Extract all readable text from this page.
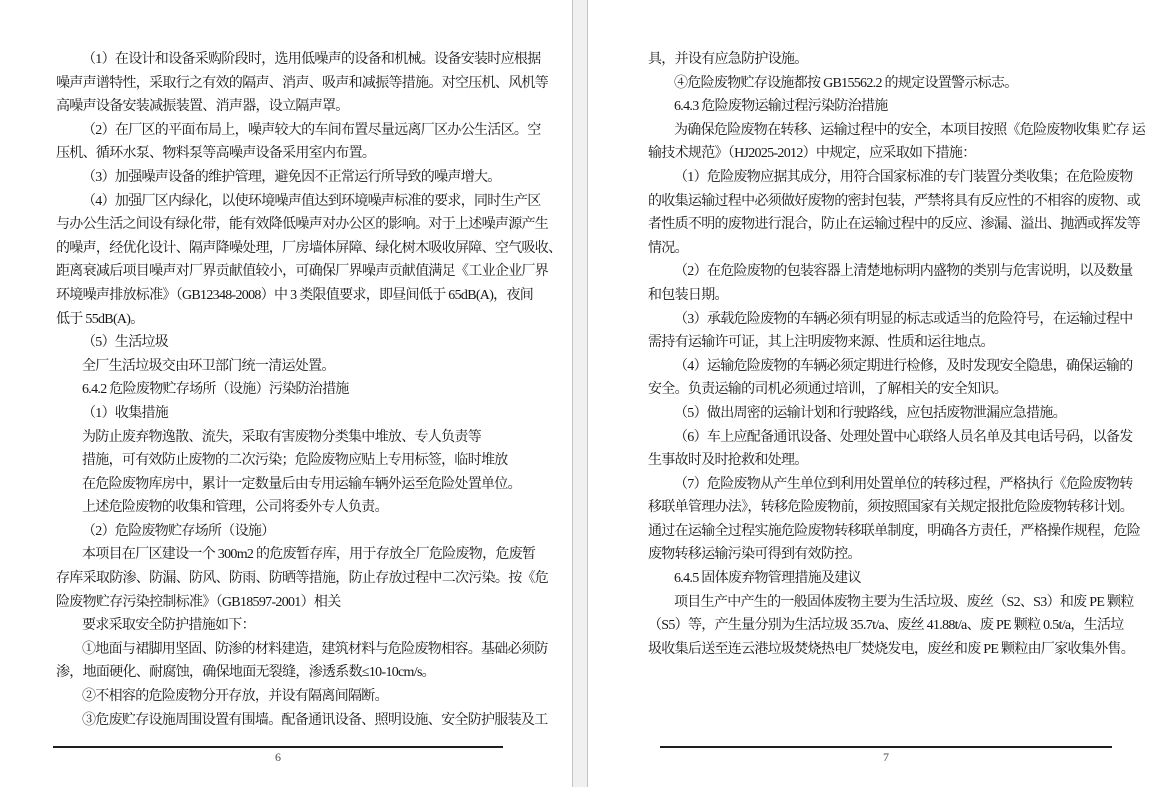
（1）在设计和设备采购阶段时，选用低噪声的设备和机械。设备安装时应根据
噪声声谱特性，采取行之有效的隔声、消声、吸声和减振等措施。对空压机、风机等
高噪声设备安装减振装置、消声器，设立隔声罩。
（2）在厂区的平面布局上，噪声较大的车间布置尽量远离厂区办公生活区。空
压机、循环水泵、物料泵等高噪声设备采用室内布置。
（3）加强噪声设备的维护管理，避免因不正常运行所导致的噪声增大。
（4）加强厂区内绿化，以使环境噪声值达到环境噪声标准的要求，同时生产区
与办公生活之间设有绿化带，能有效降低噪声对办公区的影响。对于上述噪声源产生
的噪声，经优化设计、隔声降噪处理，厂房墙体屏障、绿化树木吸收屏障、空气吸收、
距离衰减后项目噪声对厂界贡献值较小，可确保厂界噪声贡献值满足《工业企业厂界
环境噪声排放标准》（GB12348-2008）中 3 类限值要求，即昼间低于 65dB(A)，夜间
低于 55dB(A)。
（5）生活垃圾
全厂生活垃圾交由环卫部门统一清运处置。
6.4.2 危险废物贮存场所（设施）污染防治措施
（1）收集措施
为防止废弃物逸散、流失，采取有害废物分类集中堆放、专人负责等
措施，可有效防止废物的二次污染；危险废物应贴上专用标签，临时堆放
在危险废物库房中，累计一定数量后由专用运输车辆外运至危险处置单位。
上述危险废物的收集和管理，公司将委外专人负责。
（2）危险废物贮存场所（设施）
本项目在厂区建设一个 300m2 的危废暂存库，用于存放全厂危险废物，危废暂
存库采取防渗、防漏、防风、防雨、防晒等措施，防止存放过程中二次污染。按《危
险废物贮存污染控制标准》（GB18597-2001）相关
要求采取安全防护措施如下：
①地面与裙脚用坚固、防渗的材料建造，建筑材料与危险废物相容。基础必须防
渗，地面硬化、耐腐蚀，确保地面无裂缝，渗透系数≤10-10cm/s。
②不相容的危险废物分开存放，并设有隔离间隔断。
③危废贮存设施周围设置有围墙。配备通讯设备、照明设施、安全防护服装及工
6
具，并设有应急防护设施。
④危险废物贮存设施都按 GB15562.2 的规定设置警示标志。
6.4.3 危险废物运输过程污染防治措施
为确保危险废物在转移、运输过程中的安全，本项目按照《危险废物收集 贮存 运
输技术规范》（HJ2025-2012）中规定，应采取如下措施：
（1）危险废物应据其成分，用符合国家标准的专门装置分类收集；在危险废物
的收集运输过程中必须做好废物的密封包装，严禁将具有反应性的不相容的废物、或
者性质不明的废物进行混合，防止在运输过程中的反应、渗漏、溢出、抛洒或挥发等
情况。
（2）在危险废物的包装容器上清楚地标明内盛物的类别与危害说明，以及数量
和包装日期。
（3）承载危险废物的车辆必须有明显的标志或适当的危险符号，在运输过程中
需持有运输许可证，其上注明废物来源、性质和运往地点。
（4）运输危险废物的车辆必须定期进行检修，及时发现安全隐患，确保运输的
安全。负责运输的司机必须通过培训，了解相关的安全知识。
（5）做出周密的运输计划和行驶路线，应包括废物泄漏应急措施。
（6）车上应配备通讯设备、处理处置中心联络人员名单及其电话号码，以备发
生事故时及时抢救和处理。
（7）危险废物从产生单位到利用处置单位的转移过程，严格执行《危险废物转
移联单管理办法》，转移危险废物前，须按照国家有关规定报批危险废物转移计划。
通过在运输全过程实施危险废物转移联单制度，明确各方责任，严格操作规程，危险
废物转移运输污染可得到有效防控。
6.4.5 固体废弃物管理措施及建议
项目生产中产生的一般固体废物主要为生活垃圾、废丝（S2、S3）和废 PE 颗粒
（S5）等，产生量分别为生活垃圾 35.7t/a、废丝 41.88t/a、废 PE 颗粒 0.5t/a，生活垃
圾收集后送至连云港垃圾焚烧热电厂焚烧发电，废丝和废 PE 颗粒由厂家收集外售。
7
